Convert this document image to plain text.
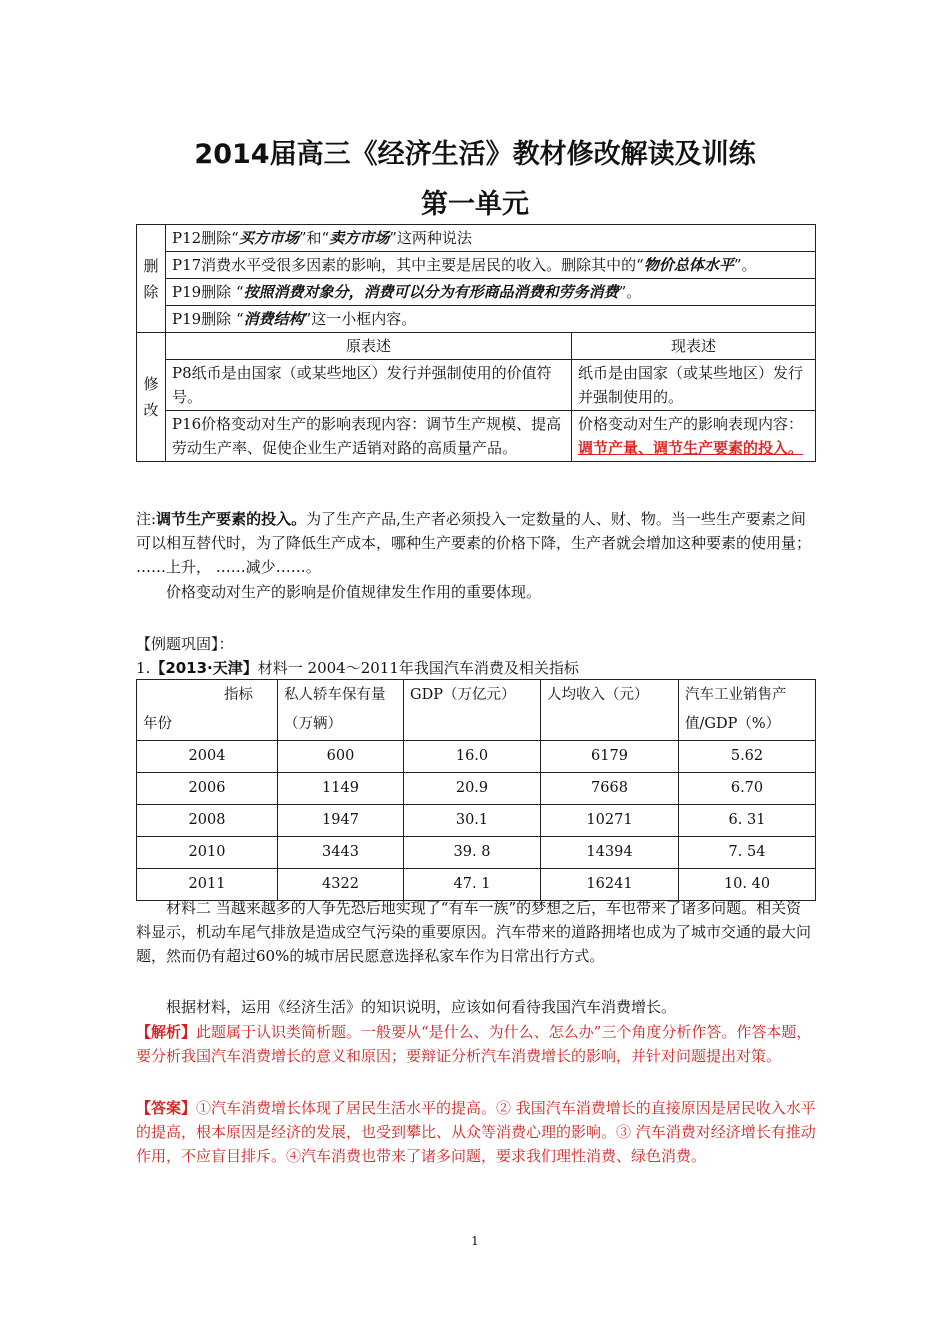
2014届高三《经济生活》教材修改解读及训练
第一单元
删
除	P12删除“买方市场”和“卖方市场”这两种说法	
	P17消费水平受很多因素的影响，其中主要是居民的收入。删除其中的“物价总体水平”。	
	P19删除 “按照消费对象分，消费可以分为有形商品消费和劳务消费”。	
	P19删除 “消费结构”这一小框内容。	
修
改	原表述	现表述
	P8纸币是由国家（或某些地区）发行并强制使用的价值符号。	纸币是由国家（或某些地区）发行并强制使用的。
	P16价格变动对生产的影响表现内容：调节生产规模、提高劳动生产率、促使企业生产适销对路的高质量产品。	价格变动对生产的影响表现内容：调节产量、调节生产要素的投入。
注:调节生产要素的投入。为了生产产品,生产者必须投入一定数量的人、财、物。当一些生产要素之间可以相互替代时，为了降低生产成本，哪种生产要素的价格下降，生产者就会增加这种要素的使用量； ……上升， ……减少……。
价格变动对生产的影响是价值规律发生作用的重要体现。
【例题巩固】：
1.【2013·天津】材料一 2004～2011年我国汽车消费及相关指标
指标
年份	私人轿车保有量（万辆）	GDP（万亿元）	人均收入（元）	汽车工业销售产值/GDP（%）
2004	600	16.0	6179	5.62
2006	1149	20.9	7668	6.70
2008	1947	30.1	10271	6. 31
2010	3443	39. 8	14394	7. 54
2011	4322	47. 1	16241	10. 40
材料二 当越来越多的人争先恐后地实现了“有车一族”的梦想之后，车也带来了诸多问题。相关资料显示，机动车尾气排放是造成空气污染的重要原因。汽车带来的道路拥堵也成为了城市交通的最大问题，然而仍有超过60%的城市居民愿意选择私家车作为日常出行方式。
根据材料，运用《经济生活》的知识说明，应该如何看待我国汽车消费增长。
【解析】此题属于认识类简析题。一般要从“是什么、为什么、怎么办”三个角度分析作答。作答本题，要分析我国汽车消费增长的意义和原因；要辩证分析汽车消费增长的影响，并针对问题提出对策。
【答案】①汽车消费增长体现了居民生活水平的提高。② 我国汽车消费增长的直接原因是居民收入水平的提高，根本原因是经济的发展，也受到攀比、从众等消费心理的影响。③ 汽车消费对经济增长有推动作用，不应盲目排斥。④汽车消费也带来了诸多问题，要求我们理性消费、绿色消费。
1
